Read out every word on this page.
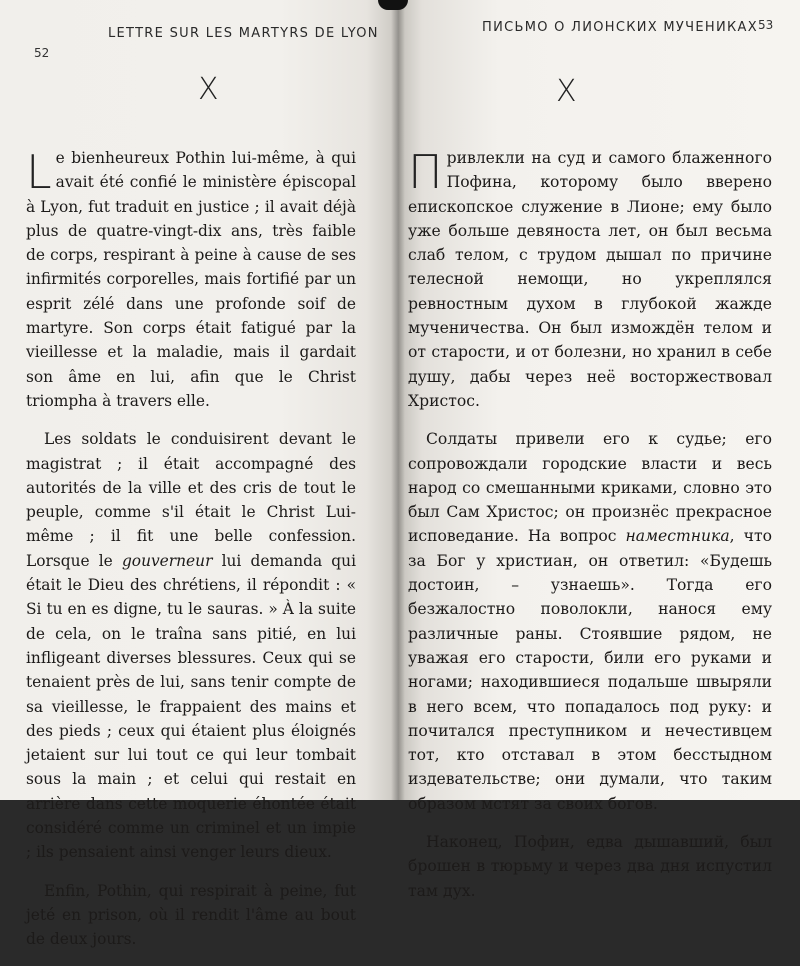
LETTRE SUR LES MARTYRS DE LYON
52
X

Le bienheureux Pothin lui-même, à qui avait été confié le ministère épiscopal à Lyon, fut traduit en justice ; il avait déjà plus de quatre-vingt-dix ans, très faible de corps, respirant à peine à cause de ses infirmités corporelles, mais fortifié par un esprit zélé dans une profonde soif de martyre. Son corps était fatigué par la vieillesse et la maladie, mais il gardait son âme en lui, afin que le Christ triompha à travers elle.

Les soldats le conduisirent devant le magistrat ; il était accompagné des autorités de la ville et des cris de tout le peuple, comme s'il était le Christ Lui-même ; il fit une belle confession. Lorsque le gouverneur lui demanda qui était le Dieu des chrétiens, il répondit : « Si tu en es digne, tu le sauras. » À la suite de cela, on le traîna sans pitié, en lui infligeant diverses blessures. Ceux qui se tenaient près de lui, sans tenir compte de sa vieillesse, le frappaient des mains et des pieds ; ceux qui étaient plus éloignés jetaient sur lui tout ce qui leur tombait sous la main ; et celui qui restait en arrière dans cette moquerie éhontée était considéré comme un criminel et un impie ; ils pensaient ainsi venger leurs dieux.

Enfin, Pothin, qui respirait à peine, fut jeté en prison, où il rendit l'âme au bout de deux jours.

ПИСЬМО О ЛИОНСКИХ МУЧЕНИКАХ 53
X

Привлекли на суд и самого блаженного Пофина, которому было вверено епископское служение в Лионе; ему было уже больше девяноста лет, он был весьма слаб телом, с трудом дышал по причине телесной немощи, но укреплялся ревностным духом в глубокой жажде мученичества. Он был измождён телом и от старости, и от болезни, но хранил в себе душу, дабы через неё восторжествовал Христос.

Солдаты привели его к судье; его сопровождали городские власти и весь народ со смешанными криками, словно это был Сам Христос; он произнёс прекрасное исповедание. На вопрос наместника, что за Бог у христиан, он ответил: «Будешь достоин, – узнаешь». Тогда его безжалостно поволокли, нанося ему различные раны. Стоявшие рядом, не уважая его старости, били его руками и ногами; находившиеся подальше швыряли в него всем, что попадалось под руку: и почитался преступником и нечестивцем тот, кто отставал в этом бесстыдном издевательстве; они думали, что таким образом мстят за своих богов.

Наконец, Пофин, едва дышавший, был брошен в тюрьму и через два дня испустил там дух.
